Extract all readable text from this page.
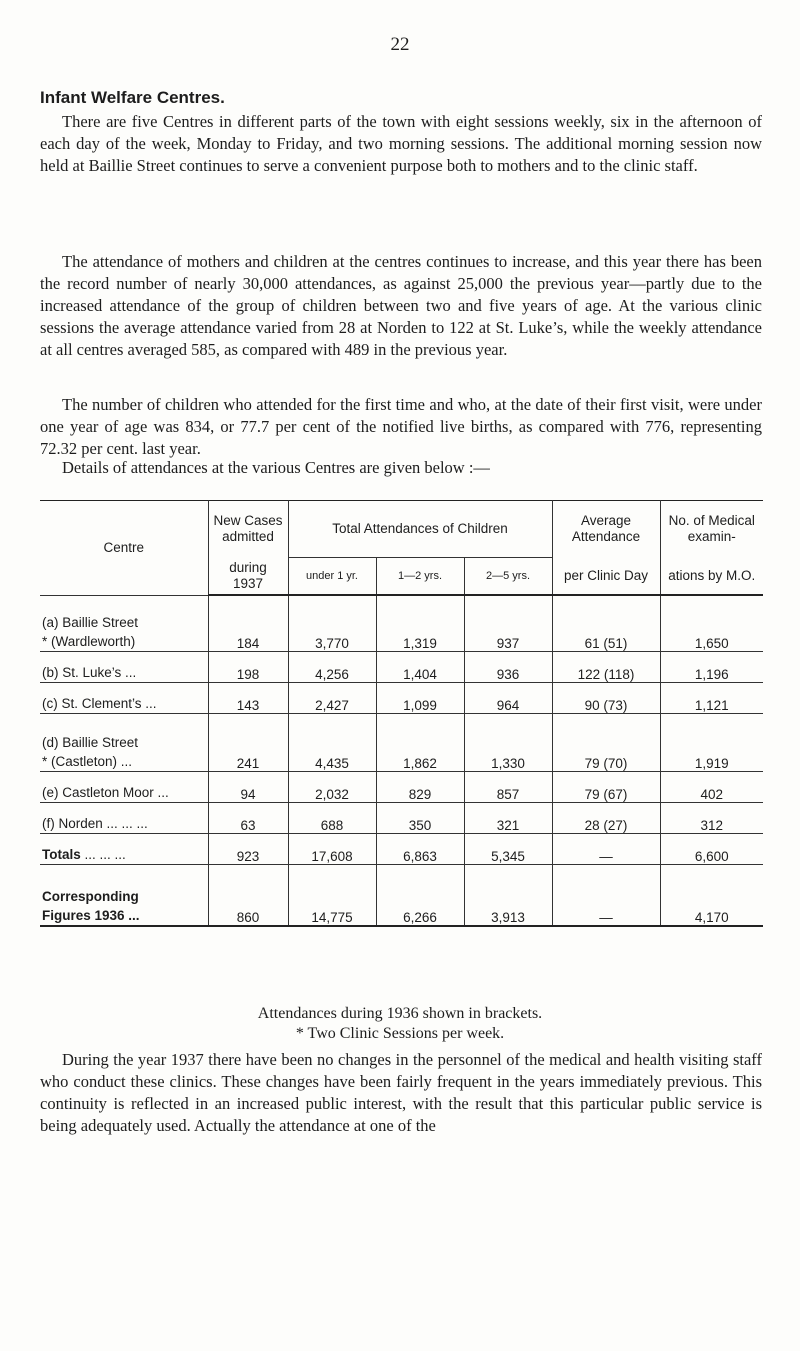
22
Infant Welfare Centres.

There are five Centres in different parts of the town with eight sessions weekly, six in the afternoon of each day of the week, Monday to Friday, and two morning sessions. The additional morning session now held at Baillie Street continues to serve a convenient purpose both to mothers and to the clinic staff.

The attendance of mothers and children at the centres continues to increase, and this year there has been the record number of nearly 30,000 attendances, as against 25,000 the previous year—partly due to the increased attendance of the group of children between two and five years of age. At the various clinic sessions the average attendance varied from 28 at Norden to 122 at St. Luke’s, while the weekly attendance at all centres averaged 585, as compared with 489 in the previous year.

The number of children who attended for the first time and who, at the date of their first visit, were under one year of age was 834, or 77.7 per cent of the notified live births, as compared with 776, representing 72.32 per cent. last year.

Details of attendances at the various Centres are given below :—

Centre	New Cases admitted	Total Attendances of Children			Average Attendance	No. of Medical examin-
	during 1937	under 1 yr.	1—2 yrs.	2—5 yrs.	per Clinic Day	ations by M.O.

(a) Baillie Street
* (Wardleworth)	184	3,770	1,319	937	61 (51)	1,650
(b) St. Luke’s ...	198	4,256	1,404	936	122 (118)	1,196
(c) St. Clement’s ...	143	2,427	1,099	964	90 (73)	1,121

(d) Baillie Street
* (Castleton) ...	241	4,435	1,862	1,330	79 (70)	1,919
(e) Castleton Moor ...	94	2,032	829	857	79 (67)	402
(f) Norden ... ... ...	63	688	350	321	28 (27)	312
Totals ... ... ...	923	17,608	6,863	5,345	—	6,600

Corresponding
Figures 1936 ...	860	14,775	6,266	3,913	—	4,170
Attendances during 1936 shown in brackets.
* Two Clinic Sessions per week.

During the year 1937 there have been no changes in the personnel of the medical and health visiting staff who conduct these clinics. These changes have been fairly frequent in the years immediately previous. This continuity is reflected in an increased public interest, with the result that this particular public service is being adequately used. Actually the attendance at one of the
